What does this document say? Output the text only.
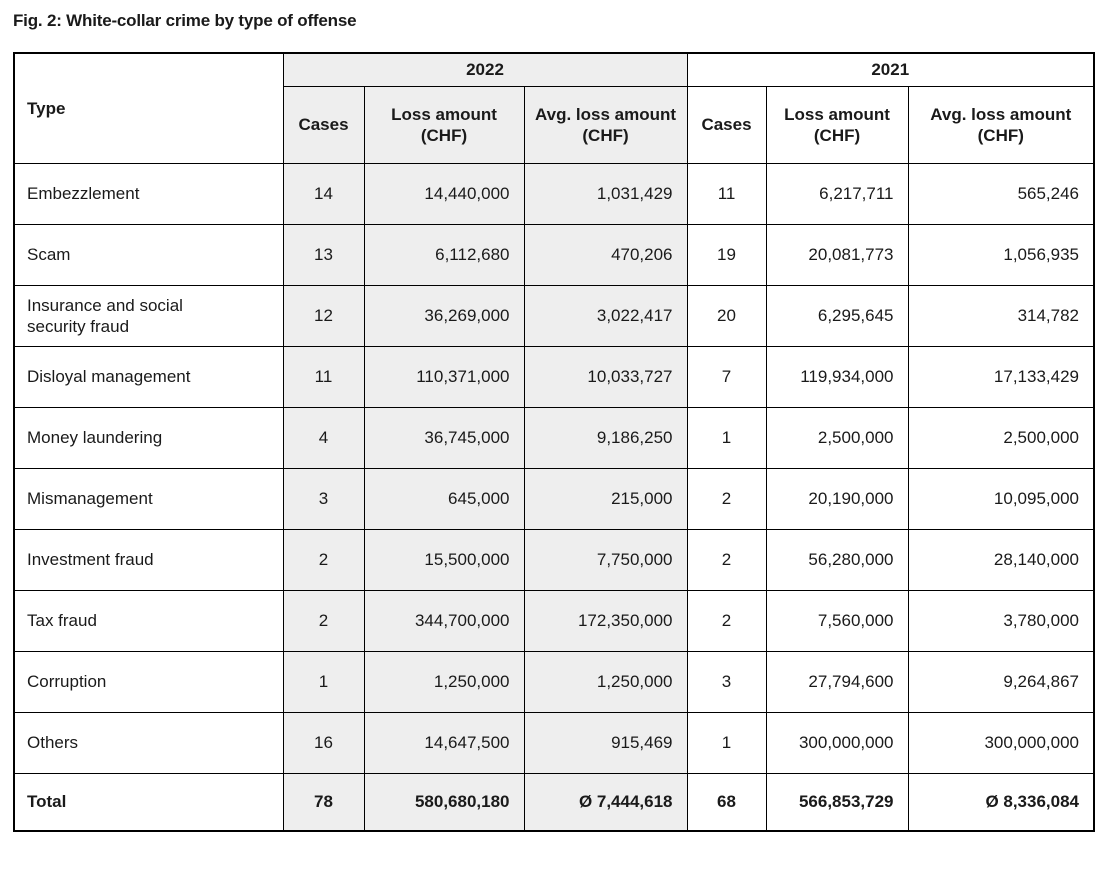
Fig. 2: White-collar crime by type of offense
Type	2022			2021		
	Cases	Loss amount (CHF)	Avg. loss amount (CHF)	Cases	Loss amount (CHF)	Avg. loss amount (CHF)
Embezzlement	14	14,440,000	1,031,429	11	6,217,711	565,246
Scam	13	6,112,680	470,206	19	20,081,773	1,056,935
Insurance and social security fraud	12	36,269,000	3,022,417	20	6,295,645	314,782
Disloyal management	11	110,371,000	10,033,727	7	119,934,000	17,133,429
Money laundering	4	36,745,000	9,186,250	1	2,500,000	2,500,000
Mismanagement	3	645,000	215,000	2	20,190,000	10,095,000
Investment fraud	2	15,500,000	7,750,000	2	56,280,000	28,140,000
Tax fraud	2	344,700,000	172,350,000	2	7,560,000	3,780,000
Corruption	1	1,250,000	1,250,000	3	27,794,600	9,264,867
Others	16	14,647,500	915,469	1	300,000,000	300,000,000
Total	78	580,680,180	Ø 7,444,618	68	566,853,729	Ø 8,336,084
